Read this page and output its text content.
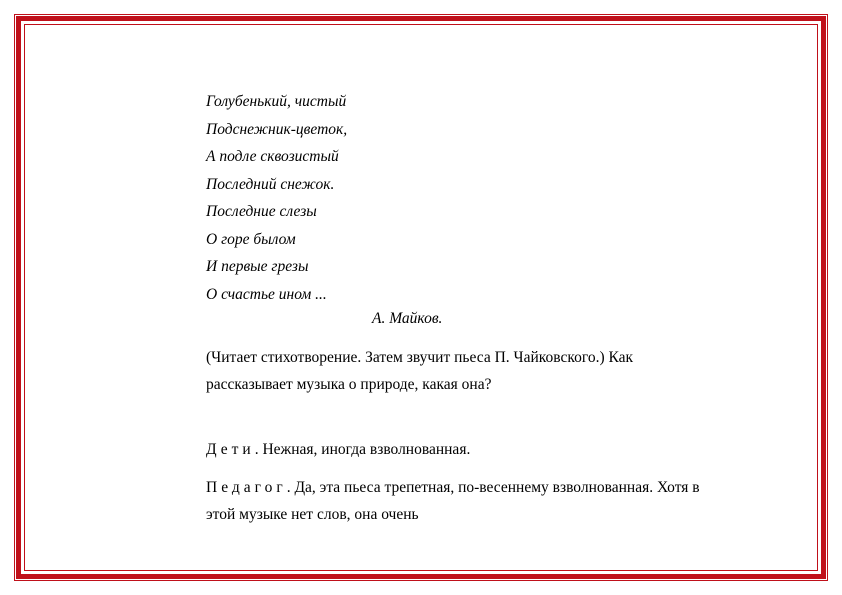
Голубенький, чистый
Подснежник-цветок,
А подле сквозистый
Последний снежок.
Последние слезы
О горе былом
И первые грезы
О счастье ином ...
А. Майков.

(Читает стихотворение. Затем звучит пьеса П. Чайковского.) Как рассказывает музыка о природе, какая она?

Дети. Нежная, иногда взволнованная.

Педагог. Да, эта пьеса трепетная, по-весеннему взволнованная. Хотя в этой музыке нет слов, она очень
